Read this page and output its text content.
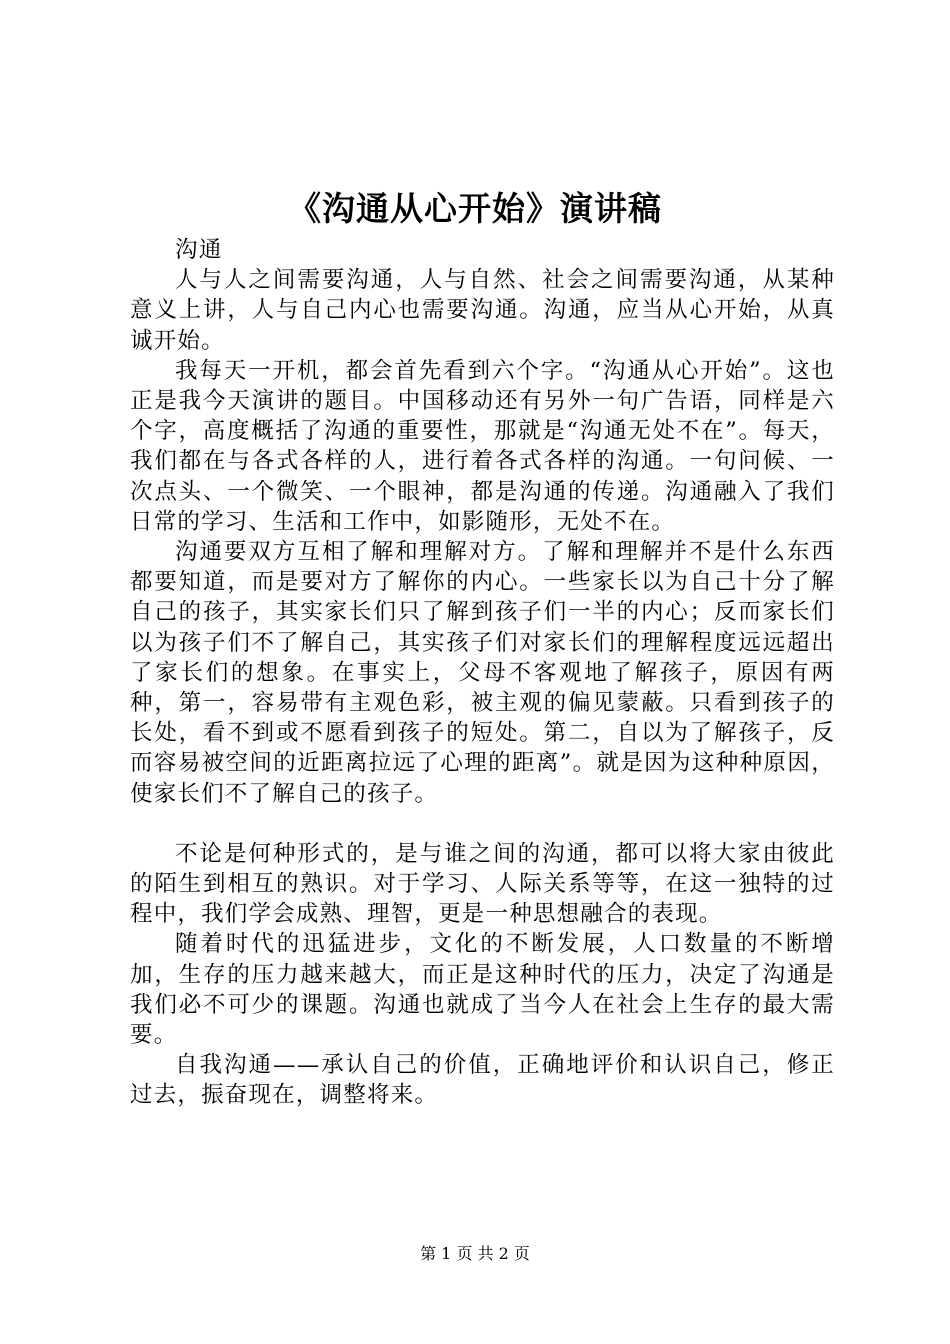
《沟通从心开始》演讲稿

沟通

人与人之间需要沟通，人与自然、社会之间需要沟通，从某种意义上讲，人与自己内心也需要沟通。沟通，应当从心开始，从真诚开始。

我每天一开机，都会首先看到六个字。“沟通从心开始”。这也正是我今天演讲的题目。中国移动还有另外一句广告语，同样是六个字，高度概括了沟通的重要性，那就是“沟通无处不在”。每天，我们都在与各式各样的人，进行着各式各样的沟通。一句问候、一次点头、一个微笑、一个眼神，都是沟通的传递。沟通融入了我们日常的学习、生活和工作中，如影随形，无处不在。

沟通要双方互相了解和理解对方。了解和理解并不是什么东西都要知道，而是要对方了解你的内心。一些家长以为自己十分了解自己的孩子，其实家长们只了解到孩子们一半的内心；反而家长们以为孩子们不了解自己，其实孩子们对家长们的理解程度远远超出了家长们的想象。在事实上，父母不客观地了解孩子，原因有两种，第一，容易带有主观色彩，被主观的偏见蒙蔽。只看到孩子的长处，看不到或不愿看到孩子的短处。第二，自以为了解孩子，反而容易被空间的近距离拉远了心理的距离”。就是因为这种种原因，使家长们不了解自己的孩子。

不论是何种形式的，是与谁之间的沟通，都可以将大家由彼此的陌生到相互的熟识。对于学习、人际关系等等，在这一独特的过程中，我们学会成熟、理智，更是一种思想融合的表现。

随着时代的迅猛进步，文化的不断发展，人口数量的不断增加，生存的压力越来越大，而正是这种时代的压力，决定了沟通是我们必不可少的课题。沟通也就成了当今人在社会上生存的最大需要。

自我沟通——承认自己的价值，正确地评价和认识自己，修正过去，振奋现在，调整将来。

第 1 页 共 2 页
